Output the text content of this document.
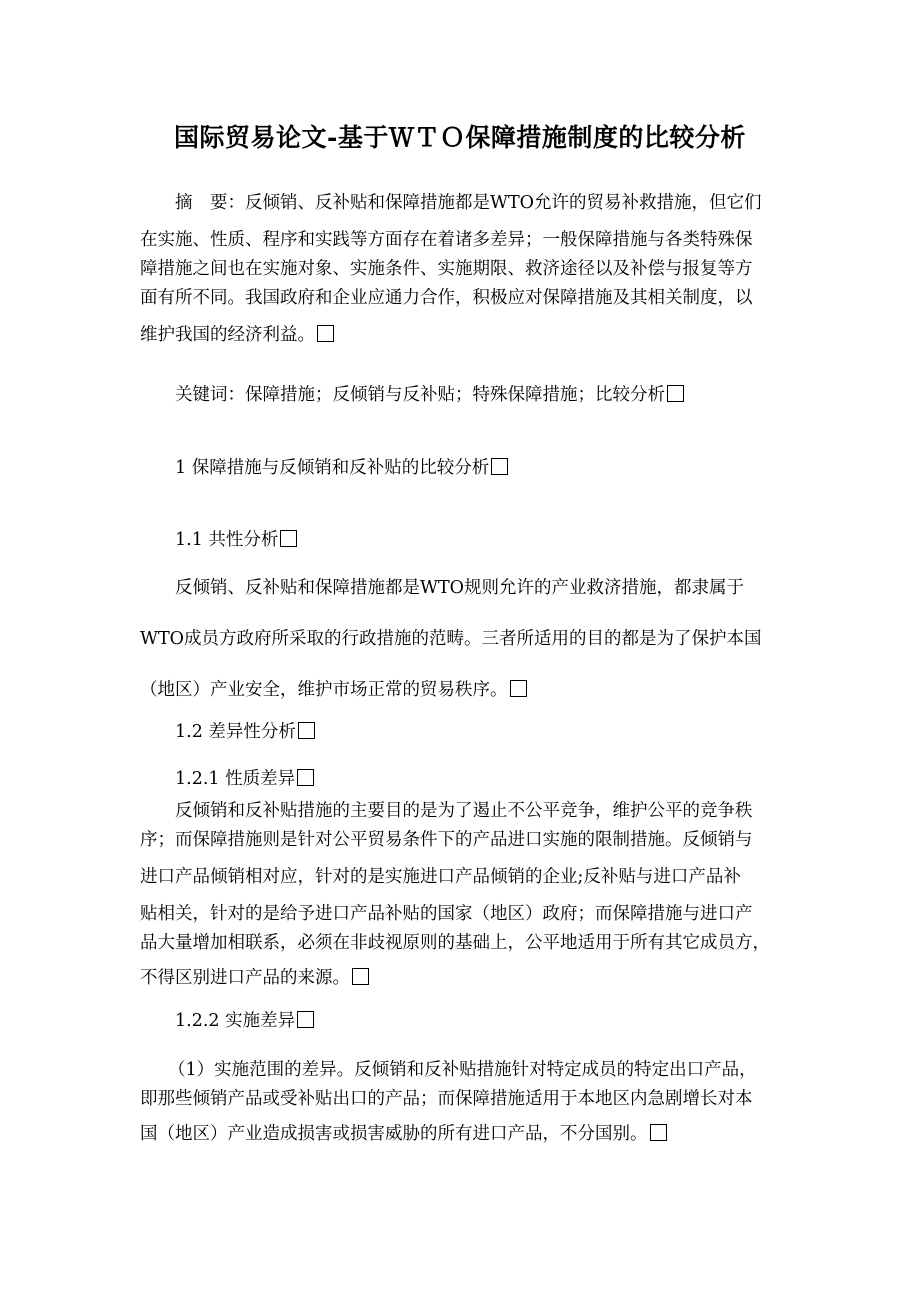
国际贸易论文-基于ＷＴＯ保障措施制度的比较分析
摘　要：反倾销、反补贴和保障措施都是WTO允许的贸易补救措施，但它们
在实施、性质、程序和实践等方面存在着诸多差异；一般保障措施与各类特殊保
障措施之间也在实施对象、实施条件、实施期限、救济途径以及补偿与报复等方
面有所不同。我国政府和企业应通力合作，积极应对保障措施及其相关制度，以
维护我国的经济利益。
关键词：保障措施；反倾销与反补贴；特殊保障措施；比较分析
1 保障措施与反倾销和反补贴的比较分析
1.1 共性分析
反倾销、反补贴和保障措施都是WTO规则允许的产业救济措施，都隶属于
WTO成员方政府所采取的行政措施的范畴。三者所适用的目的都是为了保护本国
（地区）产业安全，维护市场正常的贸易秩序。
1.2 差异性分析
1.2.1 性质差异
反倾销和反补贴措施的主要目的是为了遏止不公平竞争，维护公平的竞争秩
序；而保障措施则是针对公平贸易条件下的产品进口实施的限制措施。反倾销与
进口产品倾销相对应，针对的是实施进口产品倾销的企业;反补贴与进口产品补
贴相关，针对的是给予进口产品补贴的国家（地区）政府；而保障措施与进口产
品大量增加相联系，必须在非歧视原则的基础上，公平地适用于所有其它成员方，
不得区别进口产品的来源。
1.2.2 实施差异
（1）实施范围的差异。反倾销和反补贴措施针对特定成员的特定出口产品，
即那些倾销产品或受补贴出口的产品；而保障措施适用于本地区内急剧增长对本
国（地区）产业造成损害或损害威胁的所有进口产品，不分国别。
